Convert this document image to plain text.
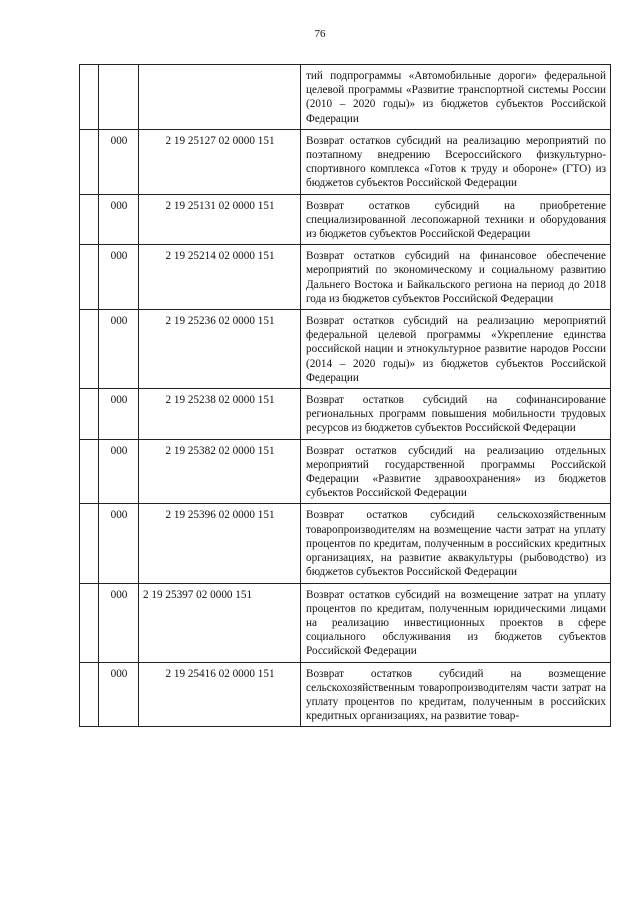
76
			тий подпрограммы «Автомобильные дороги» федеральной целевой программы «Развитие транспортной системы России (2010 – 2020 годы)» из бюджетов субъектов Российской Федерации
	000	2 19 25127 02 0000 151	Возврат остатков субсидий на реализацию мероприятий по поэтапному внедрению Всероссийского физкультурно-спортивного комплекса «Готов к труду и обороне» (ГТО) из бюджетов субъектов Российской Федерации
	000	2 19 25131 02 0000 151	Возврат остатков субсидий на приобретение специализированной лесопожарной техники и оборудования из бюджетов субъектов Российской Федерации
	000	2 19 25214 02 0000 151	Возврат остатков субсидий на финансовое обеспечение мероприятий по экономическому и социальному развитию Дальнего Востока и Байкальского региона на период до 2018 года из бюджетов субъектов Российской Федерации
	000	2 19 25236 02 0000 151	Возврат остатков субсидий на реализацию мероприятий федеральной целевой программы «Укрепление единства российской нации и этнокультурное развитие народов России (2014 – 2020 годы)» из бюджетов субъектов Российской Федерации
	000	2 19 25238 02 0000 151	Возврат остатков субсидий на софинансирование региональных программ повышения мобильности трудовых ресурсов из бюджетов субъектов Российской Федерации
	000	2 19 25382 02 0000 151	Возврат остатков субсидий на реализацию отдельных мероприятий государственной программы Российской Федерации «Развитие здравоохранения» из бюджетов субъектов Российской Федерации
	000	2 19 25396 02 0000 151	Возврат остатков субсидий сельскохозяйственным товаропроизводителям на возмещение части затрат на уплату процентов по кредитам, полученным в российских кредитных организациях, на развитие аквакультуры (рыбоводство) из бюджетов субъектов Российской Федерации
	000	2 19 25397 02 0000 151	Возврат остатков субсидий на возмещение затрат на уплату процентов по кредитам, полученным юридическими лицами на реализацию инвестиционных проектов в сфере социального обслуживания из бюджетов субъектов Российской Федерации
	000	2 19 25416 02 0000 151	Возврат остатков субсидий на возмещение сельскохозяйственным товаропроизводителям части затрат на уплату процентов по кредитам, полученным в российских кредитных организациях, на развитие товар-
